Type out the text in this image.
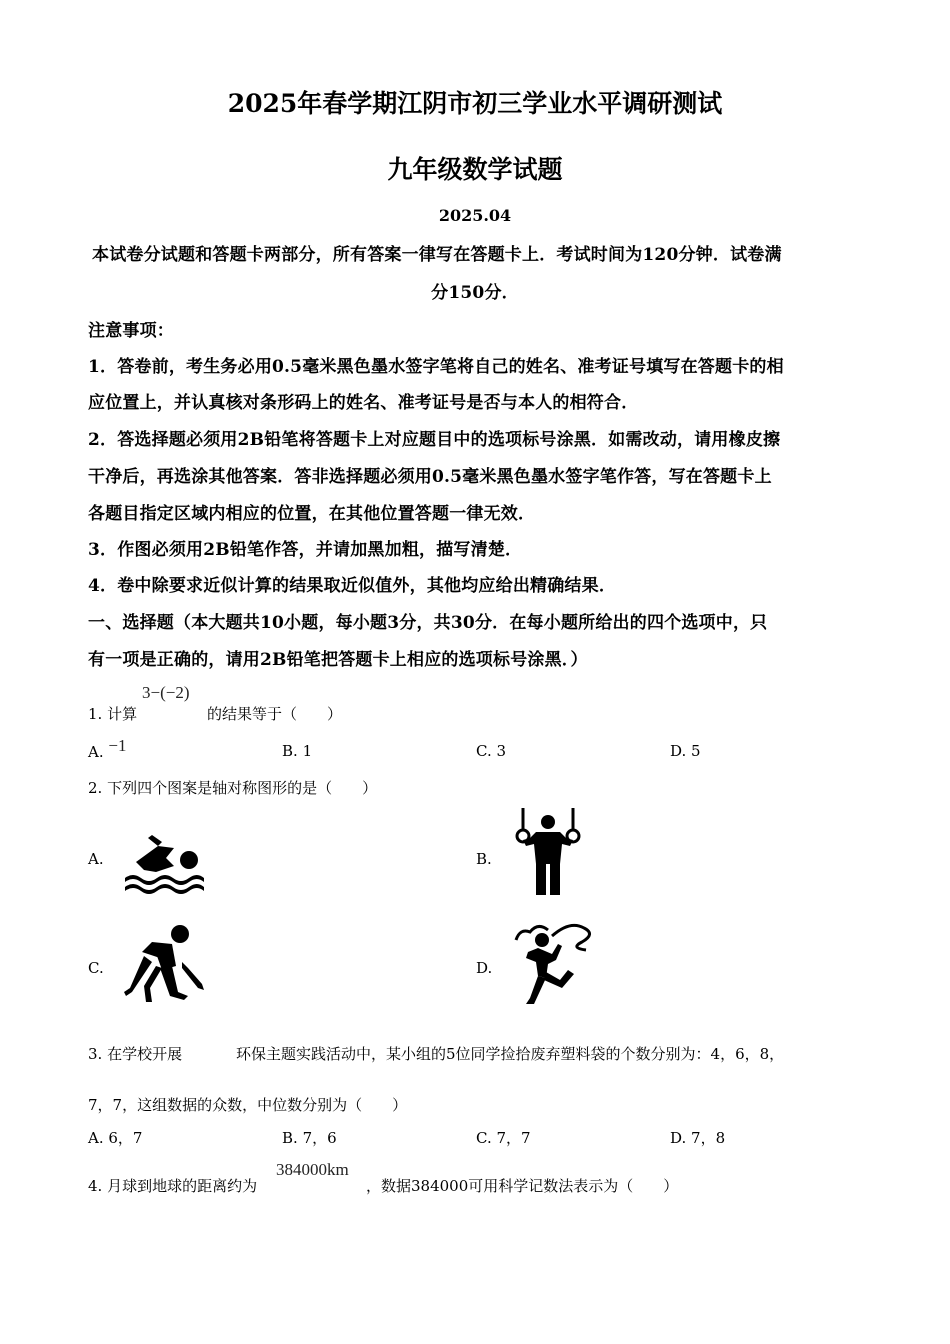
2025年春学期江阴市初三学业水平调研测试
九年级数学试题
2025.04
本试卷分试题和答题卡两部分，所有答案一律写在答题卡上．考试时间为120分钟．试卷满
分150分．
注意事项：
1．答卷前，考生务必用0.5毫米黑色墨水签字笔将自己的姓名、准考证号填写在答题卡的相
应位置上，并认真核对条形码上的姓名、准考证号是否与本人的相符合．
2．答选择题必须用2B铅笔将答题卡上对应题目中的选项标号涂黑．如需改动，请用橡皮擦
干净后，再选涂其他答案．答非选择题必须用0.5毫米黑色墨水签字笔作答，写在答题卡上
各题目指定区域内相应的位置，在其他位置答题一律无效．
3．作图必须用2B铅笔作答，并请加黑加粗，描写清楚．
4．卷中除要求近似计算的结果取近似值外，其他均应给出精确结果．
一、选择题（本大题共10小题，每小题3分，共30分．在每小题所给出的四个选项中，只
有一项是正确的，请用2B铅笔把答题卡上相应的选项标号涂黑．）
1. 计算
3−(−2)
的结果等于（　　）
A. −1	B. 1	C. 3	D. 5
2. 下列四个图案是轴对称图形的是（　　）
A.	B.
C.	D.
3. 在学校开展	环保主题实践活动中，某小组的5位同学捡拾废弃塑料袋的个数分别为：4，6，8，
7，7，这组数据的众数，中位数分别为（　　）
A. 6，7	B. 7，6	C. 7，7	D. 7，8
4. 月球到地球的距离约为
384000km
，数据384000可用科学记数法表示为（　　）
